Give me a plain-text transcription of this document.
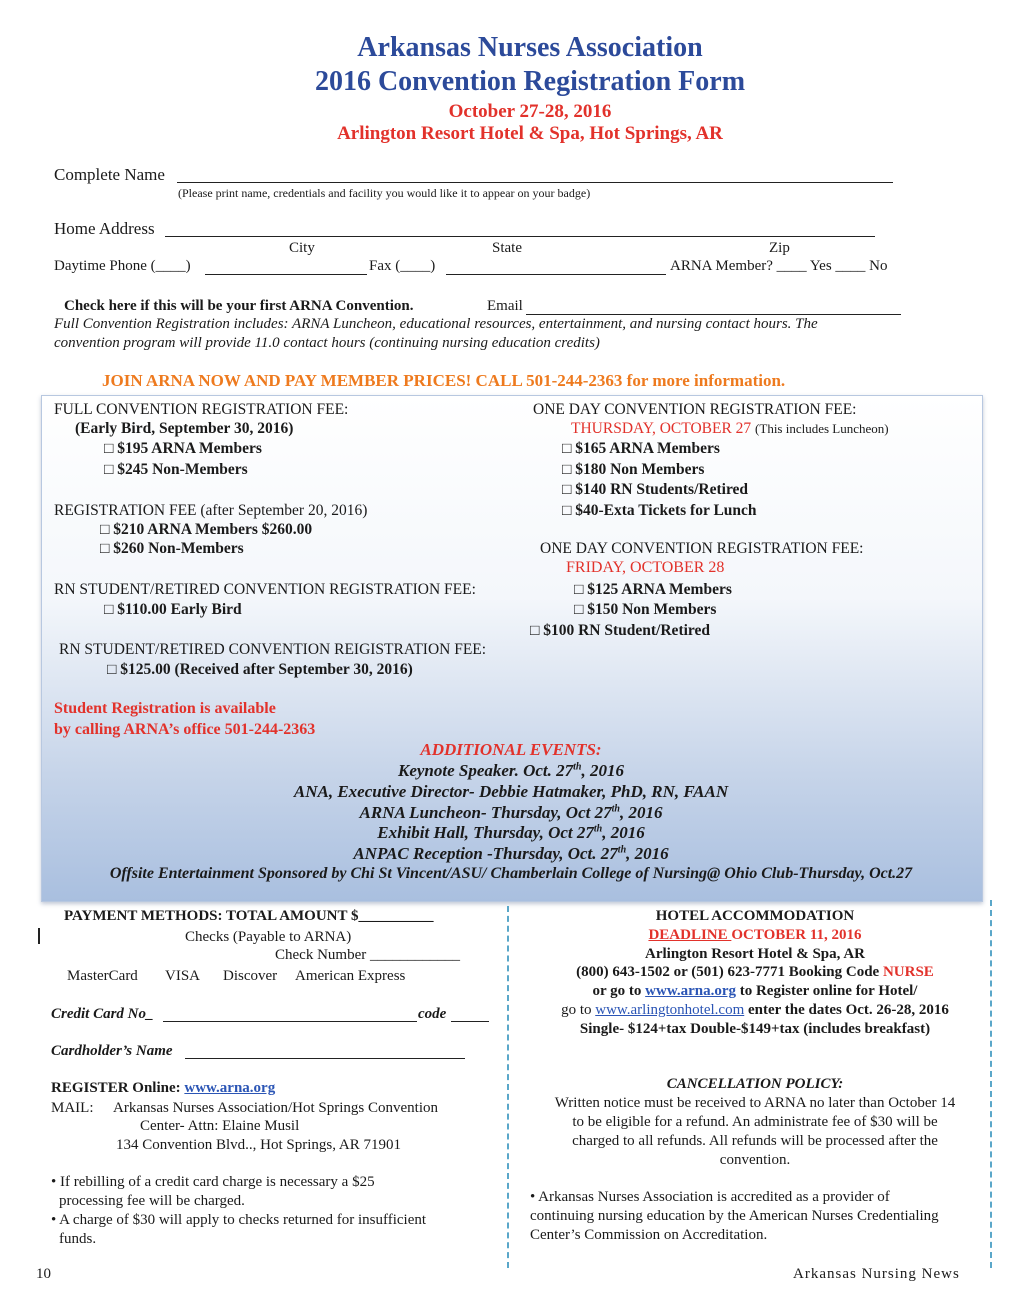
Arkansas Nurses Association
2016 Convention Registration Form
October 27-28, 2016
Arlington Resort Hotel & Spa, Hot Springs, AR
Complete Name
(Please print name, credentials and facility you would like it to appear on your badge)
Home Address
City	State	Zip
Daytime Phone (____)	Fax (____)	ARNA Member? ____ Yes ____ No
Check here if this will be your first ARNA Convention.	Email
Full Convention Registration includes: ARNA Luncheon, educational resources, entertainment, and nursing contact hours. The
convention program will provide 11.0 contact hours (continuing nursing education credits)
JOIN ARNA NOW AND PAY MEMBER PRICES! CALL 501-244-2363 for more information.
FULL CONVENTION REGISTRATION FEE:
(Early Bird, September 30, 2016)
□ $195 ARNA Members
□ $245 Non-Members
REGISTRATION FEE (after September 20, 2016)
□ $210 ARNA Members $260.00
□ $260 Non-Members
RN STUDENT/RETIRED CONVENTION REGISTRATION FEE:
□ $110.00 Early Bird
RN STUDENT/RETIRED CONVENTION REIGISTRATION FEE:
□ $125.00 (Received after September 30, 2016)
ONE DAY CONVENTION REGISTRATION FEE:
THURSDAY, OCTOBER 27 (This includes Luncheon)
□ $165 ARNA Members
□ $180 Non Members
□ $140 RN Students/Retired
□ $40-Exta Tickets for Lunch
ONE DAY CONVENTION REGISTRATION FEE:
FRIDAY, OCTOBER 28
□ $125 ARNA Members
□ $150 Non Members
□ $100 RN Student/Retired
Student Registration is available
by calling ARNA’s office 501-244-2363
ADDITIONAL EVENTS:
Keynote Speaker. Oct. 27th, 2016
ANA, Executive Director- Debbie Hatmaker, PhD, RN, FAAN
ARNA Luncheon- Thursday, Oct 27th, 2016
Exhibit Hall, Thursday, Oct 27th, 2016
ANPAC Reception -Thursday, Oct. 27th, 2016
Offsite Entertainment Sponsored by Chi St Vincent/ASU/ Chamberlain College of Nursing@ Ohio Club-Thursday, Oct.27
PAYMENT METHODS: TOTAL AMOUNT $__________
Checks (Payable to ARNA)
Check Number ____________
MasterCard VISA Discover American Express
Credit Card No_	code
Cardholder’s Name
REGISTER Online: www.arna.org
MAIL: Arkansas Nurses Association/Hot Springs Convention
Center- Attn: Elaine Musil
134 Convention Blvd.., Hot Springs, AR 71901
• If rebilling of a credit card charge is necessary a $25
processing fee will be charged.
• A charge of $30 will apply to checks returned for insufficient
funds.
HOTEL ACCOMMODATION
DEADLINE OCTOBER 11, 2016
Arlington Resort Hotel & Spa, AR
(800) 643-1502 or (501) 623-7771 Booking Code NURSE
or go to www.arna.org to Register online for Hotel/
go to www.arlingtonhotel.com enter the dates Oct. 26-28, 2016
Single- $124+tax Double-$149+tax (includes breakfast)
CANCELLATION POLICY:
Written notice must be received to ARNA no later than October 14
to be eligible for a refund. An administrate fee of $30 will be
charged to all refunds. All refunds will be processed after the
convention.
• Arkansas Nurses Association is accredited as a provider of
continuing nursing education by the American Nurses Credentialing
Center’s Commission on Accreditation.
10	Arkansas Nursing News
